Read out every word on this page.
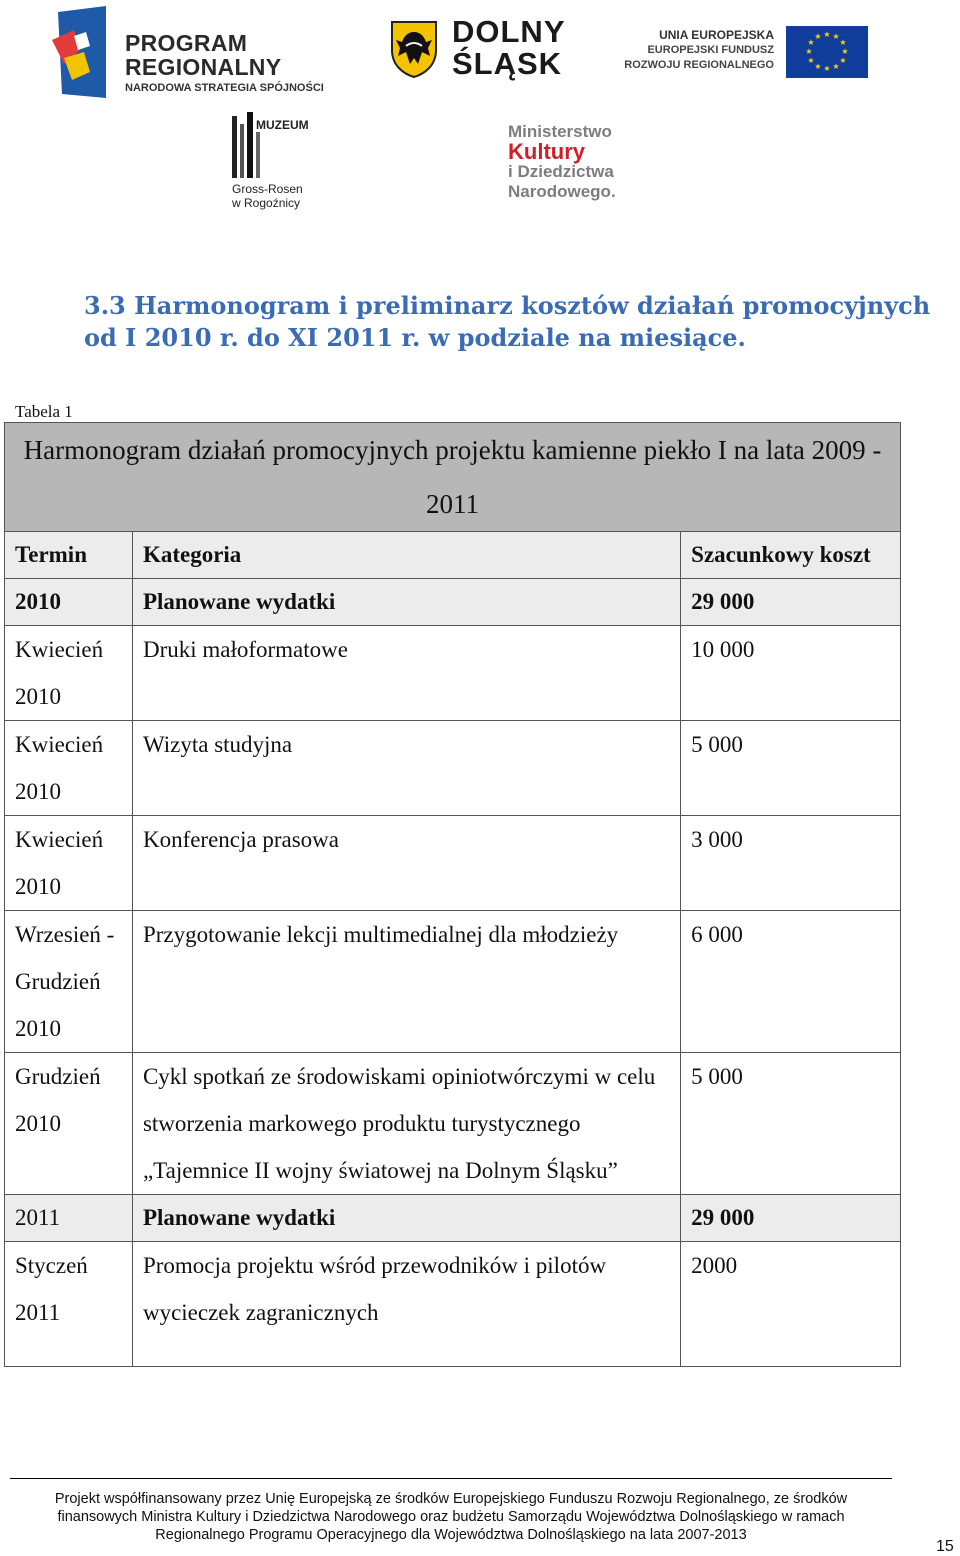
PROGRAM
REGIONALNY
NARODOWA STRATEGIA SPÓJNOŚCI
DOLNY
ŚLĄSK
UNIA EUROPEJSKA
EUROPEJSKI FUNDUSZ
ROZWOJU REGIONALNEGO
★ ★
★
★
★
★
★
★
★
★
★
★
MUZEUM
Gross-Rosen
w Rogoźnicy
Ministerstwo
Kultury
i Dziedzictwa
Narodowego.
3.3 Harmonogram i preliminarz kosztów działań promocyjnych
od I 2010 r. do XI 2011 r. w podziale na miesiące.
Tabela 1
Harmonogram działań promocyjnych projektu kamienne piekło I na lata 2009 - 2011		
Termin	Kategoria	Szacunkowy koszt
2010	Planowane wydatki	29 000
Kwiecień 2010	Druki małoformatowe	10 000
Kwiecień 2010	Wizyta studyjna	5 000
Kwiecień 2010	Konferencja prasowa	3 000
Wrzesień - Grudzień 2010	Przygotowanie lekcji multimedialnej dla młodzieży	6 000
Grudzień 2010	Cykl spotkań ze środowiskami opiniotwórczymi w celu stworzenia markowego produktu turystycznego „Tajemnice II wojny światowej na Dolnym Śląsku”	5 000
2011	Planowane wydatki	29 000
Styczeń 2011	Promocja projektu wśród przewodników i pilotów wycieczek zagranicznych	2000
Projekt współfinansowany przez Unię Europejską ze środków Europejskiego Funduszu Rozwoju Regionalnego, ze środków
finansowych Ministra Kultury i Dziedzictwa Narodowego oraz budżetu Samorządu Województwa Dolnośląskiego w ramach
Regionalnego Programu Operacyjnego dla Województwa Dolnośląskiego na lata 2007-2013
15
